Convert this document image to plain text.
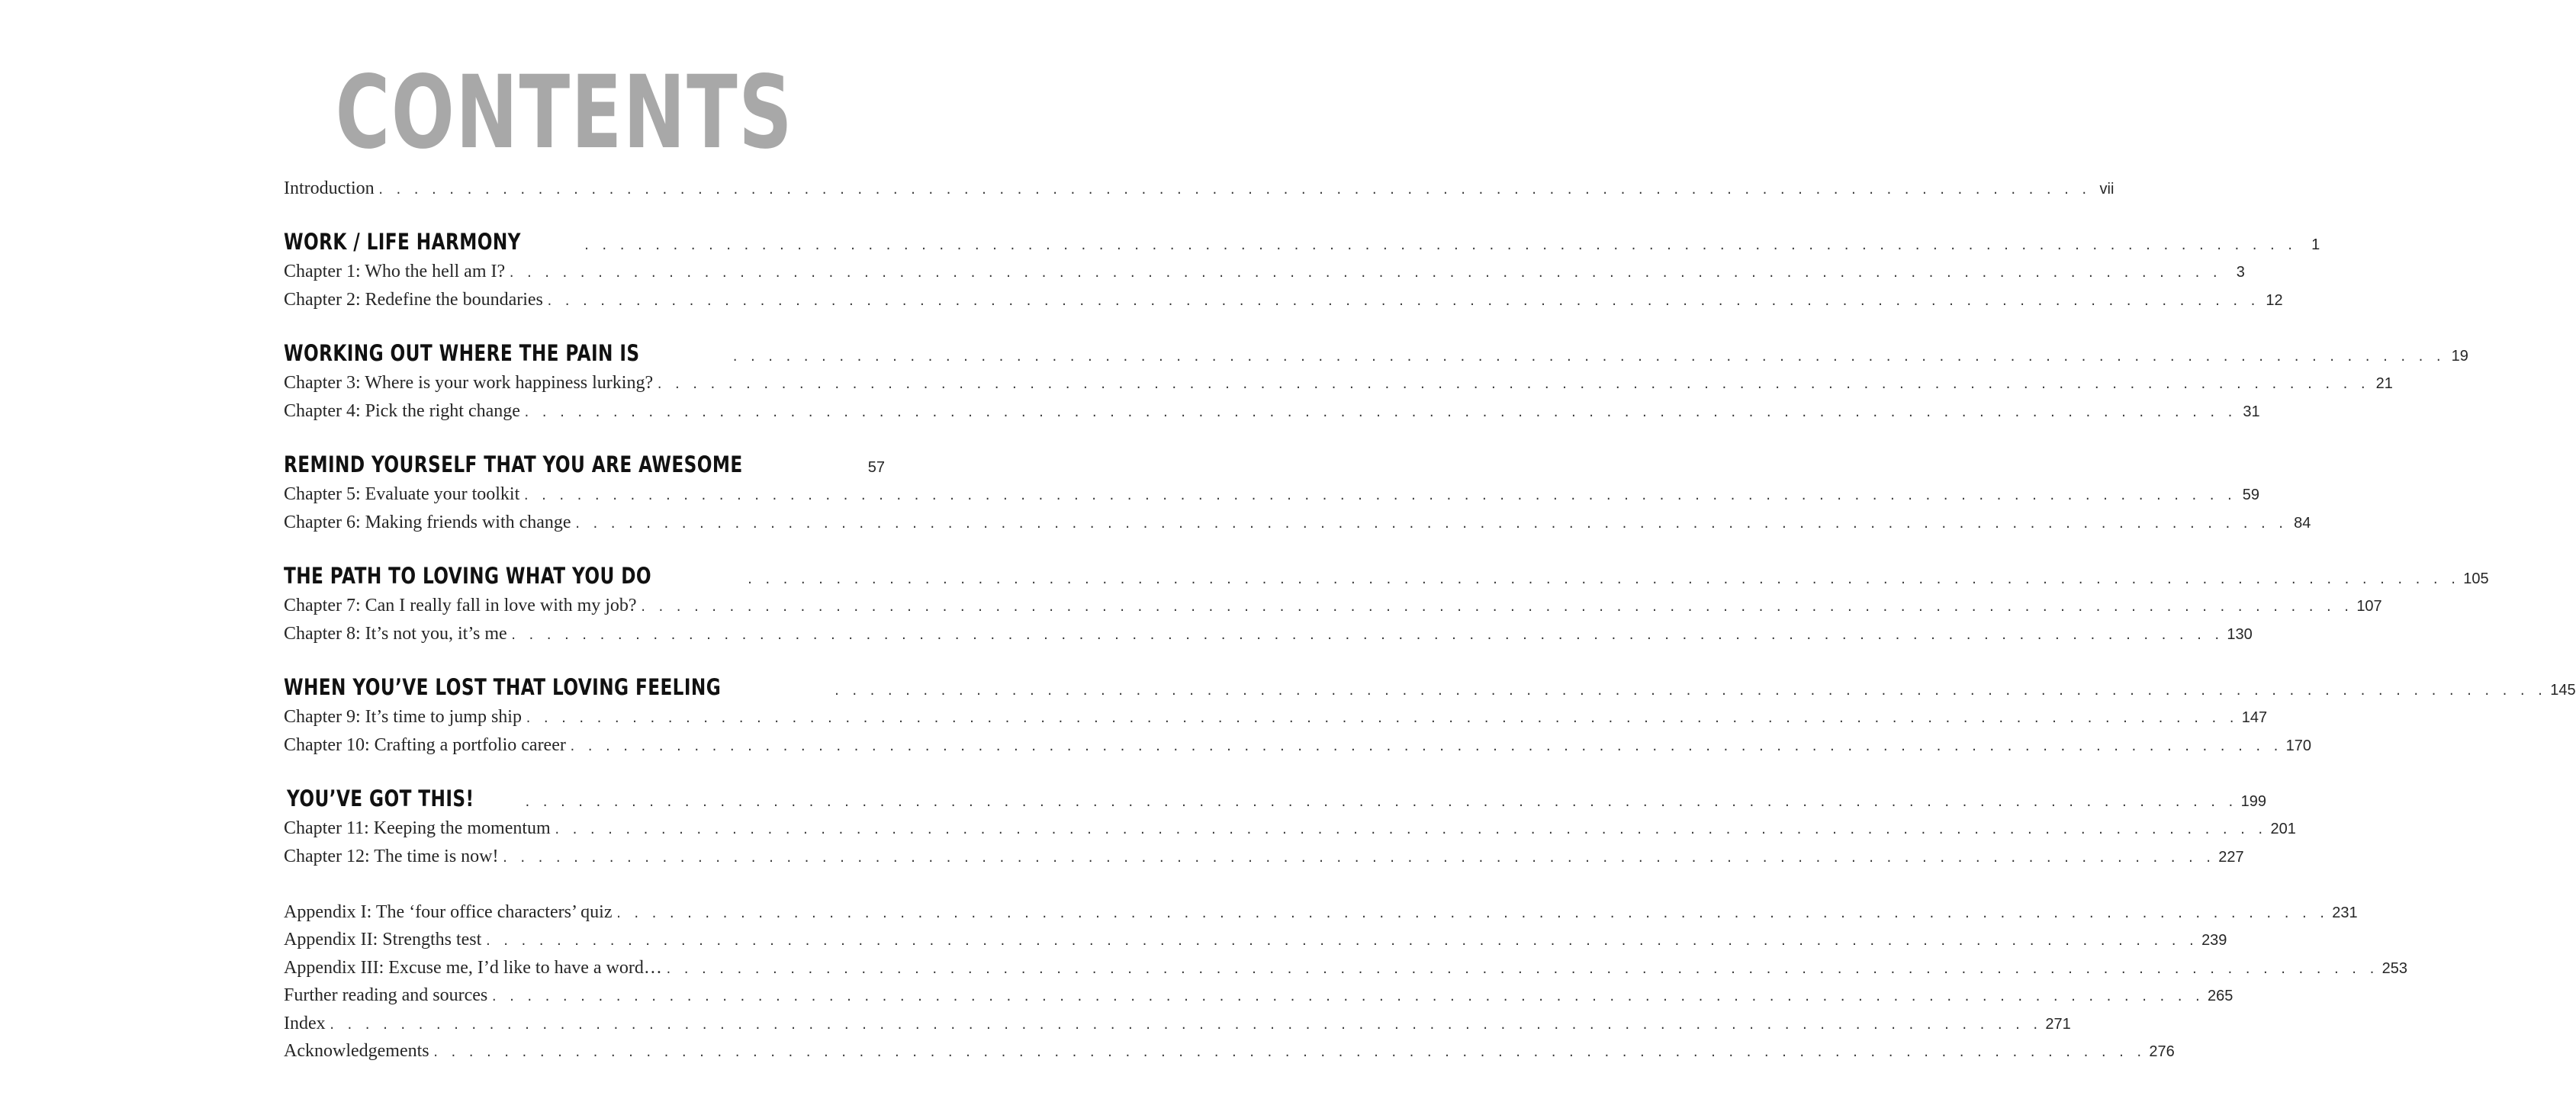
CONTENTS
Introduction . . . . . . . . . . . . . . . . . . . . . . . . . . . . . . . . . . . . . . . . . . . . . . . . . . . . . . . . . . . . . . . . . . . . . . . . . . . . . . . . . . . . . . . . . . . . . . . . . vii
WORK / LIFE HARMONY	. . . . . . . . . . . . . . . . . . . . . . . . . . . . . . . . . . . . . . . . . . . . . . . . . . . . . . . . . . . . . . . . . . . . . . . . . . . . . . . . . . . . . . . . . . . . . . . . .	1
Chapter 1: Who the hell am I? . . . . . . . . . . . . . . . . . . . . . . . . . . . . . . . . . . . . . . . . . . . . . . . . . . . . . . . . . . . . . . . . . . . . . . . . . . . . . . . . . . . . . . . . . . . . . . . . .	3
Chapter 2: Redefine the boundaries . . . . . . . . . . . . . . . . . . . . . . . . . . . . . . . . . . . . . . . . . . . . . . . . . . . . . . . . . . . . . . . . . . . . . . . . . . . . . . . . . . . . . . . . . . . . . . . . . 12
WORKING OUT WHERE THE PAIN IS	. . . . . . . . . . . . . . . . . . . . . . . . . . . . . . . . . . . . . . . . . . . . . . . . . . . . . . . . . . . . . . . . . . . . . . . . . . . . . . . . . . . . . . . . . . . . . . . . . 19
Chapter 3: Where is your work happiness lurking? . . . . . . . . . . . . . . . . . . . . . . . . . . . . . . . . . . . . . . . . . . . . . . . . . . . . . . . . . . . . . . . . . . . . . . . . . . . . . . . . . . . . . . . . . . . . . . . . . 21
Chapter 4: Pick the right change . . . . . . . . . . . . . . . . . . . . . . . . . . . . . . . . . . . . . . . . . . . . . . . . . . . . . . . . . . . . . . . . . . . . . . . . . . . . . . . . . . . . . . . . . . . . . . . . . 31
REMIND YOURSELF THAT YOU ARE AWESOME	57
Chapter 5: Evaluate your toolkit . . . . . . . . . . . . . . . . . . . . . . . . . . . . . . . . . . . . . . . . . . . . . . . . . . . . . . . . . . . . . . . . . . . . . . . . . . . . . . . . . . . . . . . . . . . . . . . . . 59
Chapter 6: Making friends with change . . . . . . . . . . . . . . . . . . . . . . . . . . . . . . . . . . . . . . . . . . . . . . . . . . . . . . . . . . . . . . . . . . . . . . . . . . . . . . . . . . . . . . . . . . . . . . . . . 84
THE PATH TO LOVING WHAT YOU DO	. . . . . . . . . . . . . . . . . . . . . . . . . . . . . . . . . . . . . . . . . . . . . . . . . . . . . . . . . . . . . . . . . . . . . . . . . . . . . . . . . . . . . . . . . . . . . . . . . 105
Chapter 7: Can I really fall in love with my job? . . . . . . . . . . . . . . . . . . . . . . . . . . . . . . . . . . . . . . . . . . . . . . . . . . . . . . . . . . . . . . . . . . . . . . . . . . . . . . . . . . . . . . . . . . . . . . . . . 107
Chapter 8: It’s not you, it’s me . . . . . . . . . . . . . . . . . . . . . . . . . . . . . . . . . . . . . . . . . . . . . . . . . . . . . . . . . . . . . . . . . . . . . . . . . . . . . . . . . . . . . . . . . . . . . . . . . 130
WHEN YOU’VE LOST THAT LOVING FEELING	. . . . . . . . . . . . . . . . . . . . . . . . . . . . . . . . . . . . . . . . . . . . . . . . . . . . . . . . . . . . . . . . . . . . . . . . . . . . . . . . . . . . . . . . . . . . . . . . . 145
Chapter 9: It’s time to jump ship . . . . . . . . . . . . . . . . . . . . . . . . . . . . . . . . . . . . . . . . . . . . . . . . . . . . . . . . . . . . . . . . . . . . . . . . . . . . . . . . . . . . . . . . . . . . . . . . . 147
Chapter 10: Crafting a portfolio career . . . . . . . . . . . . . . . . . . . . . . . . . . . . . . . . . . . . . . . . . . . . . . . . . . . . . . . . . . . . . . . . . . . . . . . . . . . . . . . . . . . . . . . . . . . . . . . . . 170
YOU’VE GOT THIS!	. . . . . . . . . . . . . . . . . . . . . . . . . . . . . . . . . . . . . . . . . . . . . . . . . . . . . . . . . . . . . . . . . . . . . . . . . . . . . . . . . . . . . . . . . . . . . . . . . 199
Chapter 11: Keeping the momentum . . . . . . . . . . . . . . . . . . . . . . . . . . . . . . . . . . . . . . . . . . . . . . . . . . . . . . . . . . . . . . . . . . . . . . . . . . . . . . . . . . . . . . . . . . . . . . . . . 201
Chapter 12: The time is now! . . . . . . . . . . . . . . . . . . . . . . . . . . . . . . . . . . . . . . . . . . . . . . . . . . . . . . . . . . . . . . . . . . . . . . . . . . . . . . . . . . . . . . . . . . . . . . . . . 227
Appendix I: The ‘four office characters’ quiz . . . . . . . . . . . . . . . . . . . . . . . . . . . . . . . . . . . . . . . . . . . . . . . . . . . . . . . . . . . . . . . . . . . . . . . . . . . . . . . . . . . . . . . . . . . . . . . . . 231
Appendix II: Strengths test . . . . . . . . . . . . . . . . . . . . . . . . . . . . . . . . . . . . . . . . . . . . . . . . . . . . . . . . . . . . . . . . . . . . . . . . . . . . . . . . . . . . . . . . . . . . . . . . . 239
Appendix III: Excuse me, I’d like to have a word… . . . . . . . . . . . . . . . . . . . . . . . . . . . . . . . . . . . . . . . . . . . . . . . . . . . . . . . . . . . . . . . . . . . . . . . . . . . . . . . . . . . . . . . . . . . . . . . . . 253
Further reading and sources . . . . . . . . . . . . . . . . . . . . . . . . . . . . . . . . . . . . . . . . . . . . . . . . . . . . . . . . . . . . . . . . . . . . . . . . . . . . . . . . . . . . . . . . . . . . . . . . . 265
Index . . . . . . . . . . . . . . . . . . . . . . . . . . . . . . . . . . . . . . . . . . . . . . . . . . . . . . . . . . . . . . . . . . . . . . . . . . . . . . . . . . . . . . . . . . . . . . . . . 271
Acknowledgements . . . . . . . . . . . . . . . . . . . . . . . . . . . . . . . . . . . . . . . . . . . . . . . . . . . . . . . . . . . . . . . . . . . . . . . . . . . . . . . . . . . . . . . . . . . . . . . . . 276
